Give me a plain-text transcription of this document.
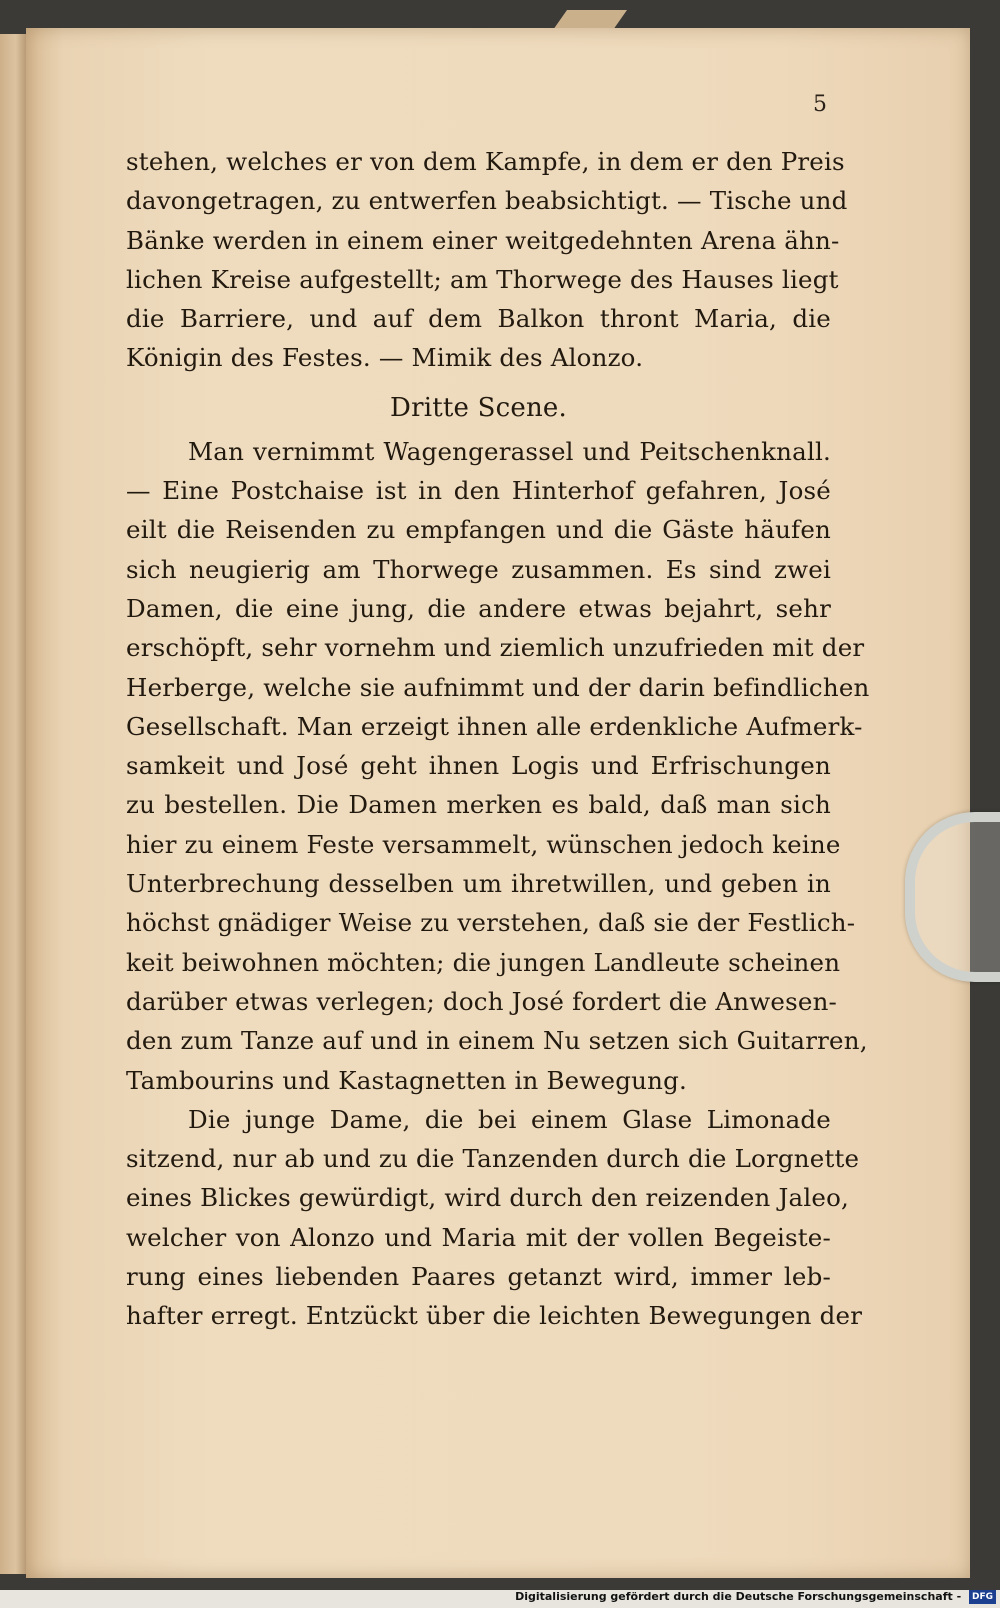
5
stehen, welches er von dem Kampfe, in dem er den Preis
davongetragen, zu entwerfen beabsichtigt. — Tische und
Bänke werden in einem einer weitgedehnten Arena ähn-
lichen Kreise aufgestellt; am Thorwege des Hauses liegt
die Barriere, und auf dem Balkon thront Maria, die
Königin des Festes. — Mimik des Alonzo.
Dritte Scene.
Man vernimmt Wagengerassel und Peitschenknall.
— Eine Postchaise ist in den Hinterhof gefahren, José
eilt die Reisenden zu empfangen und die Gäste häufen
sich neugierig am Thorwege zusammen. Es sind zwei
Damen, die eine jung, die andere etwas bejahrt, sehr
erschöpft, sehr vornehm und ziemlich unzufrieden mit der
Herberge, welche sie aufnimmt und der darin befindlichen
Gesellschaft. Man erzeigt ihnen alle erdenkliche Aufmerk-
samkeit und José geht ihnen Logis und Erfrischungen
zu bestellen. Die Damen merken es bald, daß man sich
hier zu einem Feste versammelt, wünschen jedoch keine
Unterbrechung desselben um ihretwillen, und geben in
höchst gnädiger Weise zu verstehen, daß sie der Festlich-
keit beiwohnen möchten; die jungen Landleute scheinen
darüber etwas verlegen; doch José fordert die Anwesen-
den zum Tanze auf und in einem Nu setzen sich Guitarren,
Tambourins und Kastagnetten in Bewegung.
Die junge Dame, die bei einem Glase Limonade
sitzend, nur ab und zu die Tanzenden durch die Lorgnette
eines Blickes gewürdigt, wird durch den reizenden Jaleo,
welcher von Alonzo und Maria mit der vollen Begeiste-
rung eines liebenden Paares getanzt wird, immer leb-
hafter erregt. Entzückt über die leichten Bewegungen der
Digitalisierung gefördert durch die Deutsche Forschungsgemeinschaft - DFG
